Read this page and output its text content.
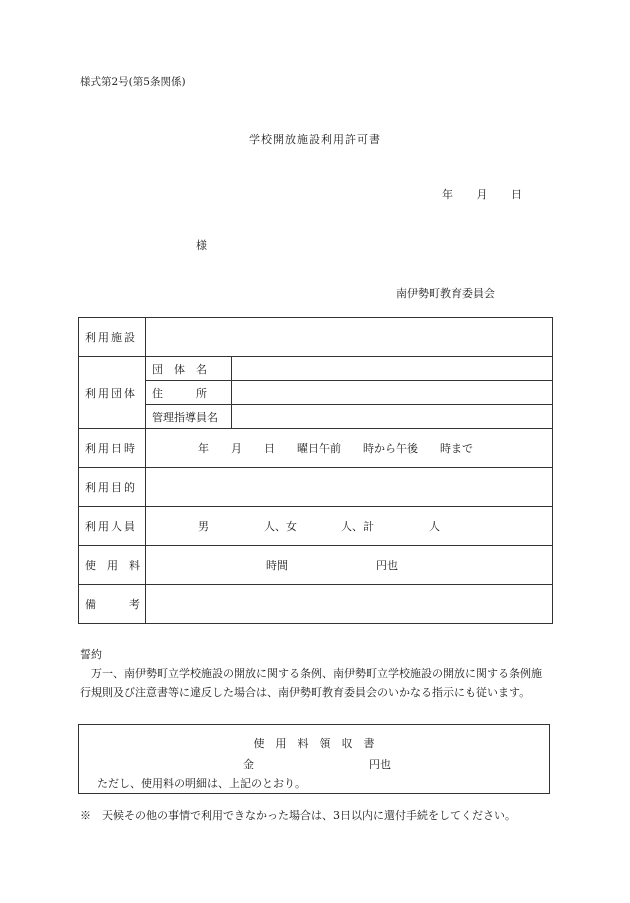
様式第2号(第5条関係)
学校開放施設利用許可書
年 月 日
様
南伊勢町教育委員会
利用施設		
利用団体	団　体　名	
	住　　　所	
	管理指導員名	
利用日時	年　　月　　日　　曜日午前　　時から午後　　時まで	
利用目的		
利用人員	男　　　　　人、女　　　　人、計　　　　　人	
使　用　料	時間　　　　　　　　円也	
備　　　考		
誓約
万一、南伊勢町立学校施設の開放に関する条例、南伊勢町立学校施設の開放に関する条例施行規則及び注意書等に違反した場合は、南伊勢町教育委員会のいかなる指示にも従います。
使　用　料　領　収　書
金	円也
ただし、使用料の明細は、上記のとおり。
※　天候その他の事情で利用できなかった場合は、3日以内に還付手続をしてください。
